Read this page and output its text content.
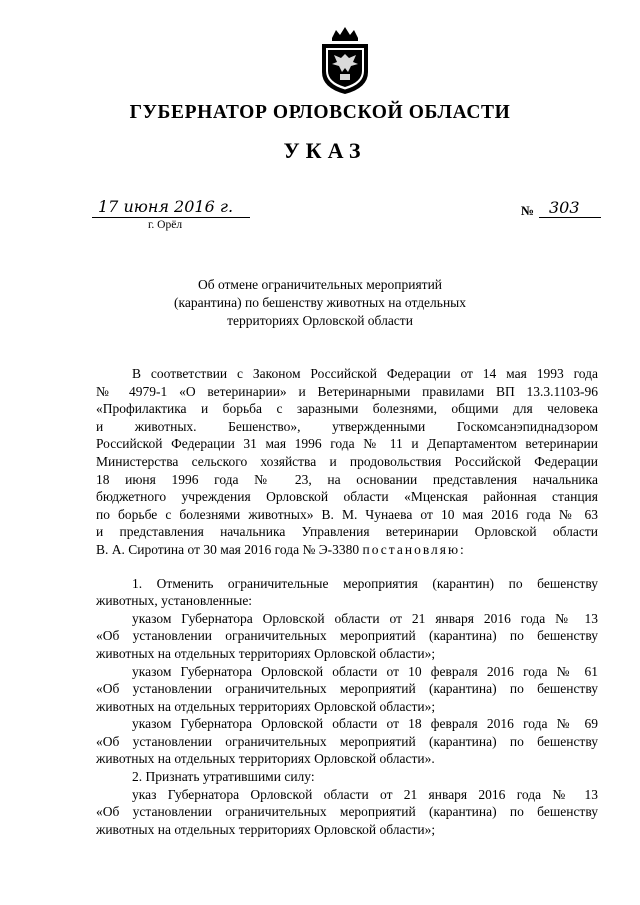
ГУБЕРНАТОР ОРЛОВСКОЙ ОБЛАСТИ
УКАЗ
17 июня 2016 г.	№ 303
г. Орёл
Об отмене ограничительных мероприятий
(карантина) по бешенству животных на отдельных
территориях Орловской области
В соответствии с Законом Российской Федерации от 14 мая 1993 года
№ 4979-1 «О ветеринарии» и Ветеринарными правилами ВП 13.3.1103-96
«Профилактика и борьба с заразными болезнями, общими для человека
и животных. Бешенство», утвержденными Госкомсанэпиднадзором
Российской Федерации 31 мая 1996 года № 11 и Департаментом ветеринарии
Министерства сельского хозяйства и продовольствия Российской Федерации
18 июня 1996 года № 23, на основании представления начальника
бюджетного учреждения Орловской области «Мценская районная станция
по борьбе с болезнями животных» В. М. Чунаева от 10 мая 2016 года № 63
и представления начальника Управления ветеринарии Орловской области
В. А. Сиротина от 30 мая 2016 года № Э-3380 постановляю:
1. Отменить ограничительные мероприятия (карантин) по бешенству
животных, установленные:
указом Губернатора Орловской области от 21 января 2016 года № 13
«Об установлении ограничительных мероприятий (карантина) по бешенству
животных на отдельных территориях Орловской области»;
указом Губернатора Орловской области от 10 февраля 2016 года № 61
«Об установлении ограничительных мероприятий (карантина) по бешенству
животных на отдельных территориях Орловской области»;
указом Губернатора Орловской области от 18 февраля 2016 года № 69
«Об установлении ограничительных мероприятий (карантина) по бешенству
животных на отдельных территориях Орловской области».
2. Признать утратившими силу:
указ Губернатора Орловской области от 21 января 2016 года № 13
«Об установлении ограничительных мероприятий (карантина) по бешенству
животных на отдельных территориях Орловской области»;
